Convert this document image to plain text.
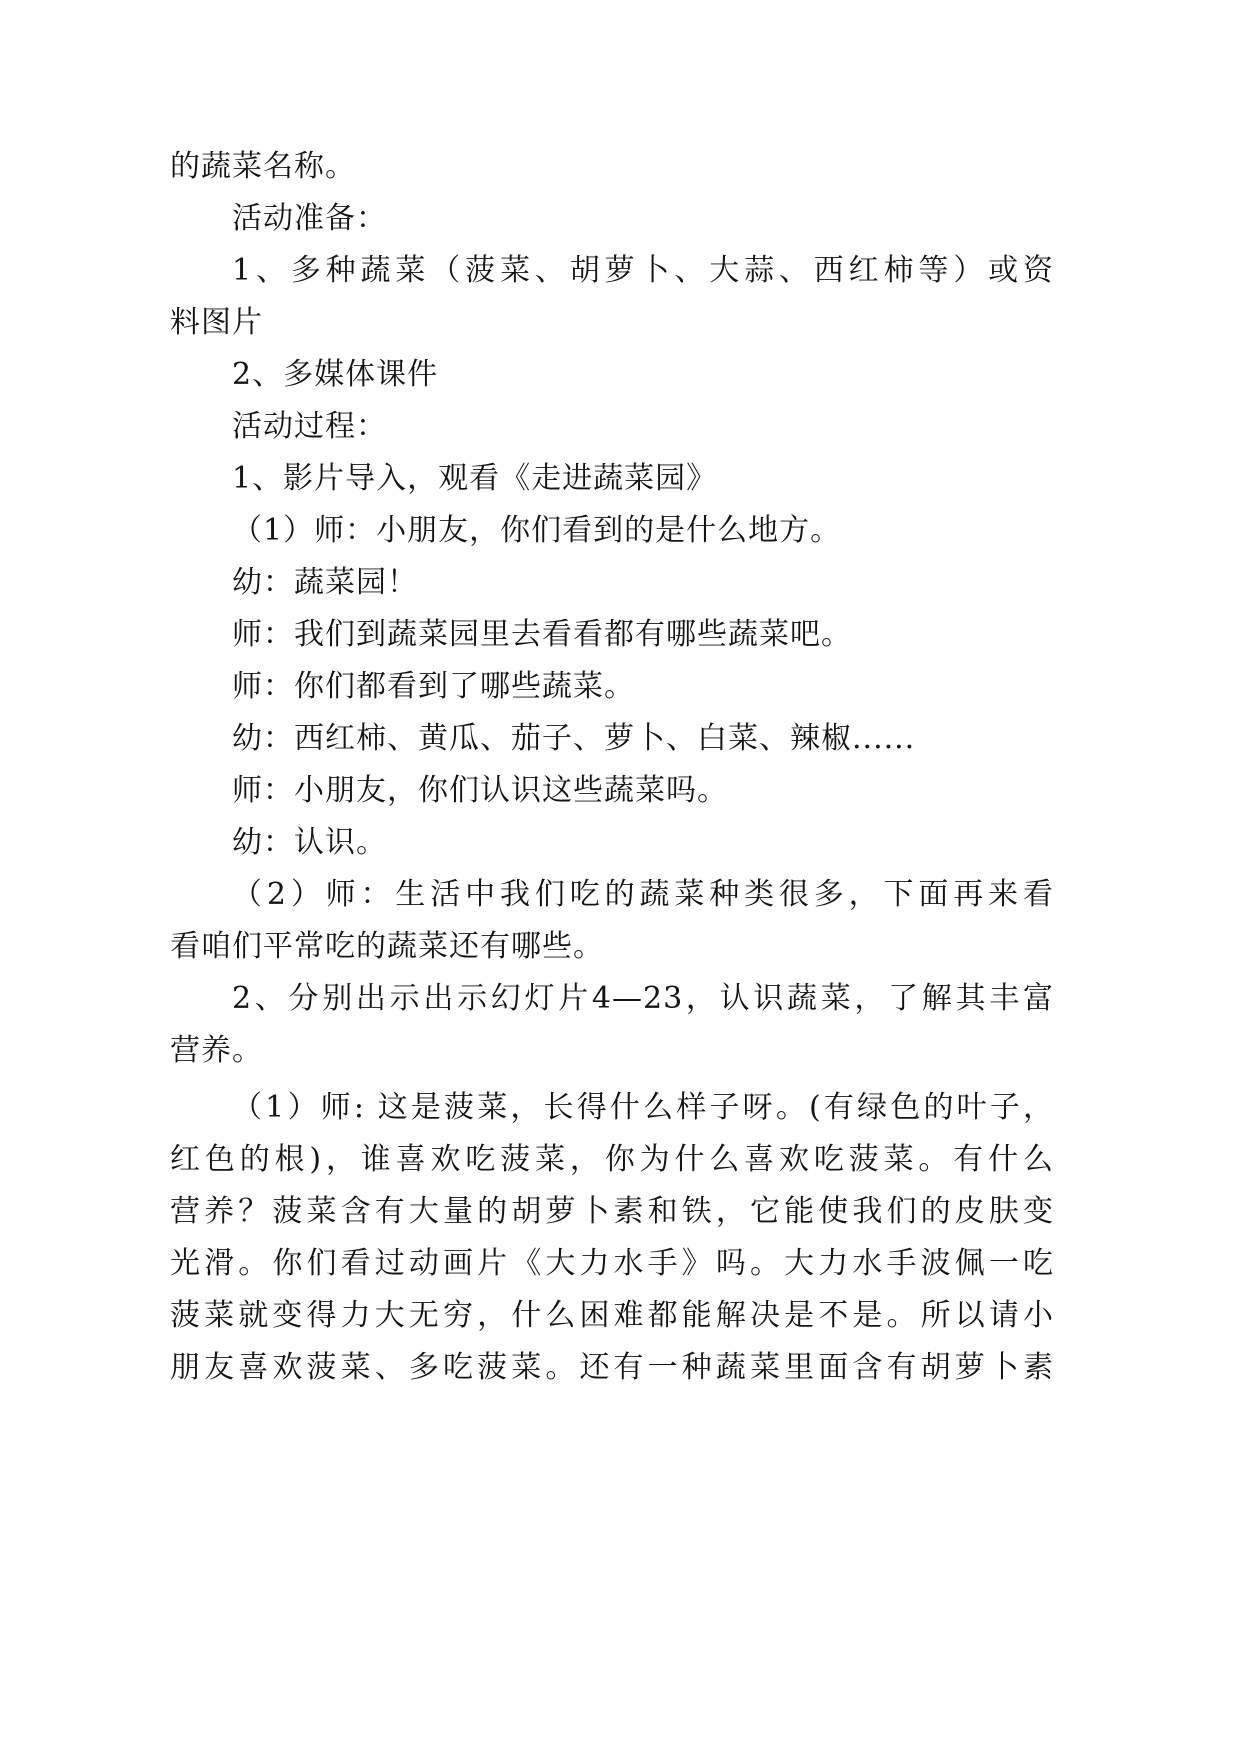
的蔬菜名称。
活动准备：
1、多种蔬菜（菠菜、胡萝卜、大蒜、西红柿等）或资
料图片
2、多媒体课件
活动过程：
1、影片导入，观看《走进蔬菜园》
（1）师：小朋友，你们看到的是什么地方。
幼：蔬菜园！
师：我们到蔬菜园里去看看都有哪些蔬菜吧。
师：你们都看到了哪些蔬菜。
幼：西红柿、黄瓜、茄子、萝卜、白菜、辣椒......
师：小朋友，你们认识这些蔬菜吗。
幼：认识。
（2）师：生活中我们吃的蔬菜种类很多，下面再来看
看咱们平常吃的蔬菜还有哪些。
2、分别出示出示幻灯片4—23，认识蔬菜，了解其丰富
营养。
（1）师: 这是菠菜，长得什么样子呀。(有绿色的叶子，
红色的根)，谁喜欢吃菠菜，你为什么喜欢吃菠菜。有什么
营养？菠菜含有大量的胡萝卜素和铁，它能使我们的皮肤变
光滑。你们看过动画片《大力水手》吗。大力水手波佩一吃
菠菜就变得力大无穷，什么困难都能解决是不是。所以请小
朋友喜欢菠菜、多吃菠菜。还有一种蔬菜里面含有胡萝卜素
